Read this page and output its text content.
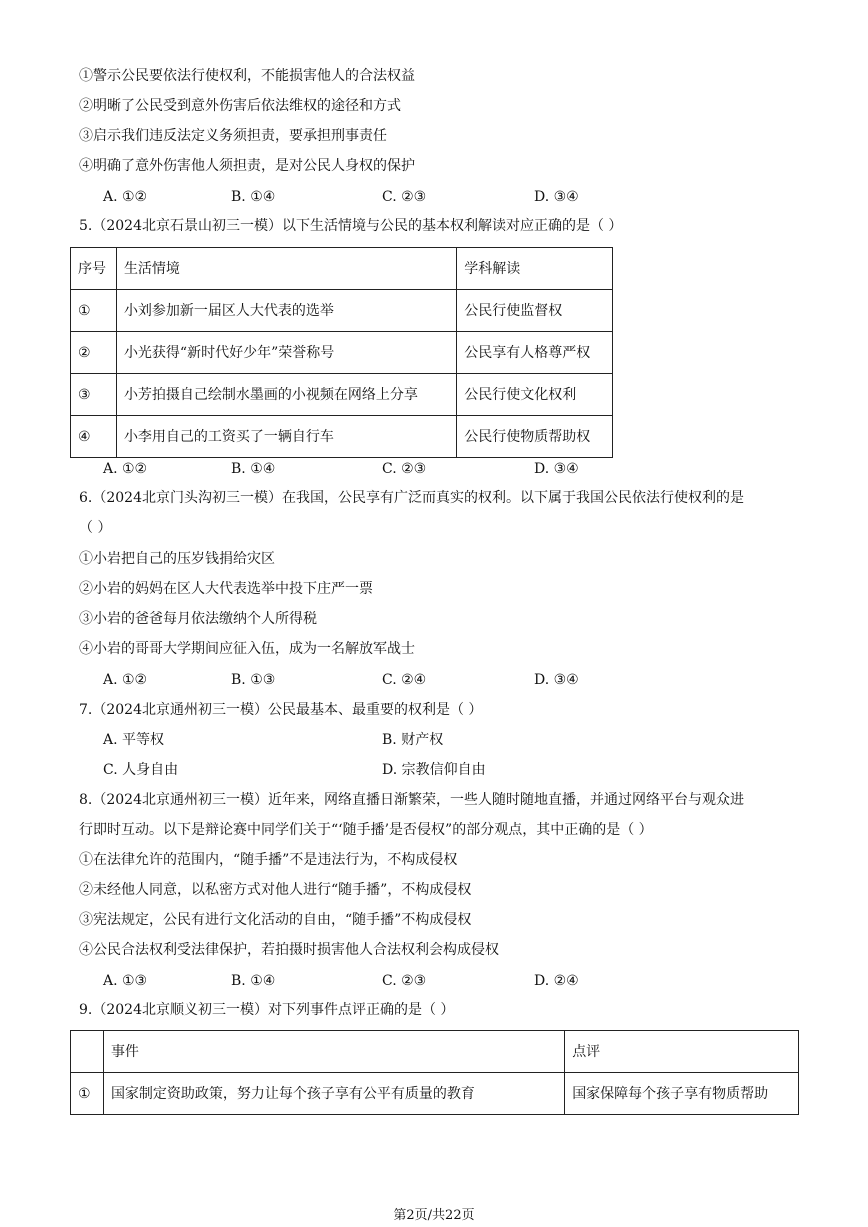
①警示公民要依法行使权利，不能损害他人的合法权益
②明晰了公民受到意外伤害后依法维权的途径和方式
③启示我们违反法定义务须担责，要承担刑事责任
④明确了意外伤害他人须担责，是对公民人身权的保护
A. ①②	B. ①④	C. ②③	D. ③④
5.（2024北京石景山初三一模）以下生活情境与公民的基本权利解读对应正确的是（ ）
序号	生活情境	学科解读
①	小刘参加新一届区人大代表的选举	公民行使监督权
②	小光获得“新时代好少年”荣誉称号	公民享有人格尊严权
③	小芳拍摄自己绘制水墨画的小视频在网络上分享	公民行使文化权利
④	小李用自己的工资买了一辆自行车	公民行使物质帮助权
A. ①②	B. ①④	C. ②③	D. ③④
6.（2024北京门头沟初三一模）在我国，公民享有广泛而真实的权利。以下属于我国公民依法行使权利的是
（ ）
①小岩把自己的压岁钱捐给灾区
②小岩的妈妈在区人大代表选举中投下庄严一票
③小岩的爸爸每月依法缴纳个人所得税
④小岩的哥哥大学期间应征入伍，成为一名解放军战士
A. ①②	B. ①③	C. ②④	D. ③④
7.（2024北京通州初三一模）公民最基本、最重要的权利是（ ）
A. 平等权	B. 财产权
C. 人身自由	D. 宗教信仰自由
8.（2024北京通州初三一模）近年来，网络直播日渐繁荣，一些人随时随地直播，并通过网络平台与观众进
行即时互动。以下是辩论赛中同学们关于“‘随手播’是否侵权”的部分观点，其中正确的是（ ）
①在法律允许的范围内，“随手播”不是违法行为，不构成侵权
②未经他人同意，以私密方式对他人进行“随手播”，不构成侵权
③宪法规定，公民有进行文化活动的自由，“随手播”不构成侵权
④公民合法权利受法律保护，若拍摄时损害他人合法权利会构成侵权
A. ①③	B. ①④	C. ②③	D. ②④
9.（2024北京顺义初三一模）对下列事件点评正确的是（ ）
	事件	点评
①	国家制定资助政策，努力让每个孩子享有公平有质量的教育	国家保障每个孩子享有物质帮助
第2页/共22页
